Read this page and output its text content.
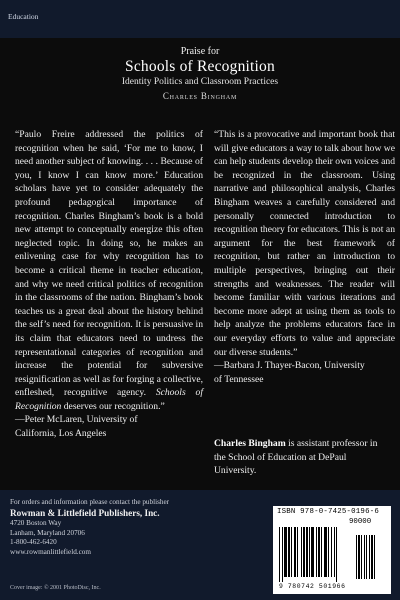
Education
Praise for
Schools of Recognition
Identity Politics and Classroom Practices
Charles Bingham

“Paulo Freire addressed the politics of recognition when he said, ‘For me to know, I need another subject of knowing. . . . Because of you, I know I can know more.’ Education scholars have yet to consider adequately the profound pedagogical importance of recognition. Charles Bingham’s book is a bold new attempt to conceptually energize this often neglected topic. In doing so, he makes an enlivening case for why recognition has to become a critical theme in teacher education, and why we need critical politics of recognition in the classrooms of the nation. Bingham’s book teaches us a great deal about the history behind the self’s need for recognition. It is persuasive in its claim that educators need to undress the representational categories of recognition and increase the potential for subversive resignification as well as for forging a collective, enfleshed, recognitive agency. Schools of Recognition deserves our recognition.”

—Peter McLaren, University of
California, Los Angeles

“This is a provocative and important book that will give educators a way to talk about how we can help students develop their own voices and be recognized in the classroom. Using narrative and philosophical analysis, Charles Bingham weaves a carefully considered and personally connected introduction to recognition theory for educators. This is not an argument for the best framework of recognition, but rather an introduction to multiple perspectives, bringing out their strengths and weaknesses. The reader will become familiar with various iterations and become more adept at using them as tools to help analyze the problems educators face in our everyday efforts to value and appreciate our diverse students.”

—Barbara J. Thayer-Bacon, University
of Tennessee

Charles Bingham is assistant professor in the School of Education at DePaul University.
For orders and information please contact the publisher
Rowman & Littlefield Publishers, Inc.
4720 Boston Way
Lanham, Maryland 20706
1-800-462-6420
www.rowmanlittlefield.com
Cover image: © 2001 PhotoDisc, Inc.
ISBN 978-0-7425-0196-6
90000
9 780742 501966
